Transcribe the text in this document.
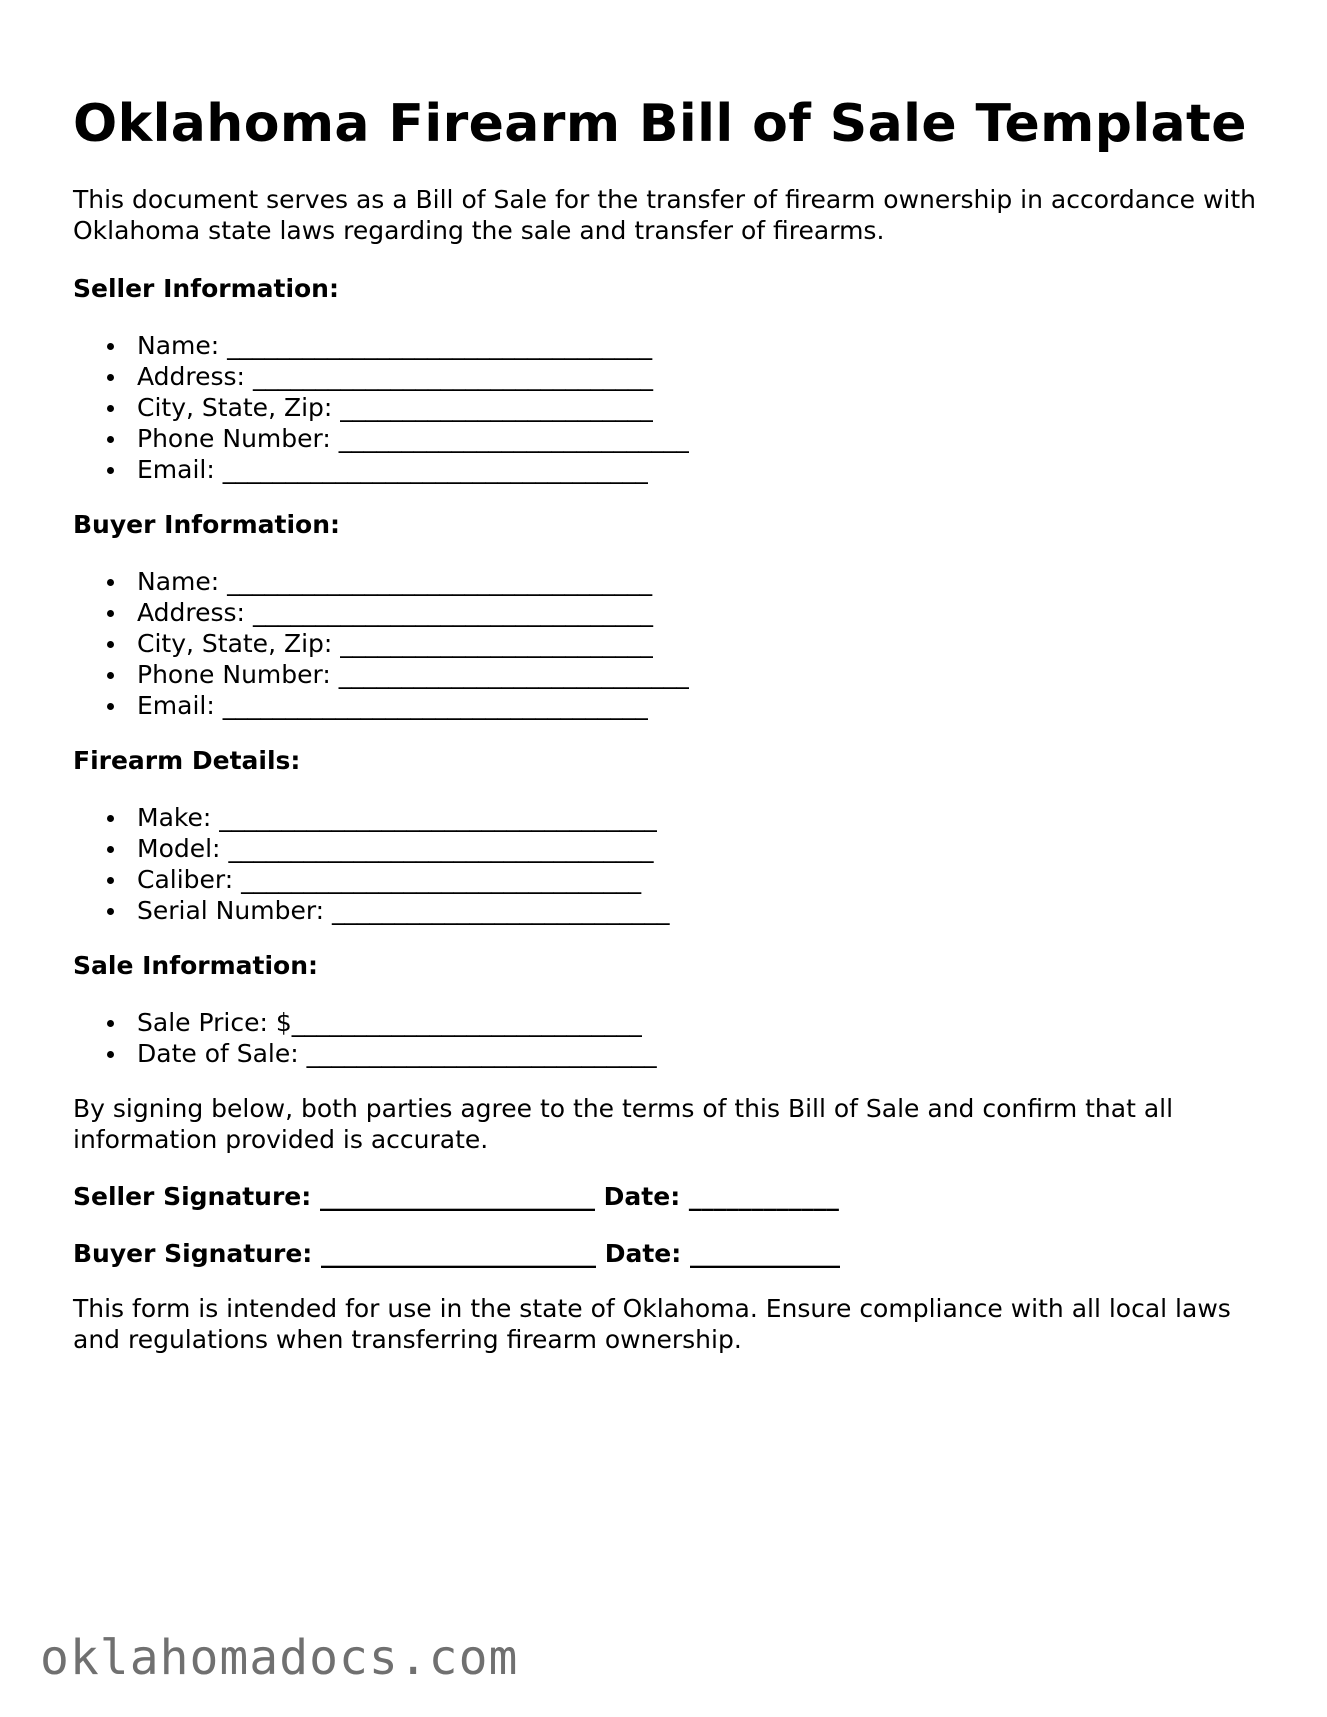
Oklahoma Firearm Bill of Sale Template

This document serves as a Bill of Sale for the transfer of firearm ownership in accordance with Oklahoma state laws regarding the sale and transfer of firearms.

Seller Information:

Name: __________________________________
Address: ________________________________
City, State, Zip: _________________________
Phone Number: ____________________________
Email: __________________________________

Buyer Information:

Name: __________________________________
Address: ________________________________
City, State, Zip: _________________________
Phone Number: ____________________________
Email: __________________________________

Firearm Details:

Make: ___________________________________
Model: __________________________________
Caliber: ________________________________
Serial Number: ___________________________

Sale Information:

Sale Price: $____________________________
Date of Sale: ____________________________

By signing below, both parties agree to the terms of this Bill of Sale and confirm that all information provided is accurate.

Seller Signature: ______________________ Date: ____________

Buyer Signature: ______________________ Date: ____________

This form is intended for use in the state of Oklahoma. Ensure compliance with all local laws and regulations when transferring firearm ownership.

oklahomadocs.com
